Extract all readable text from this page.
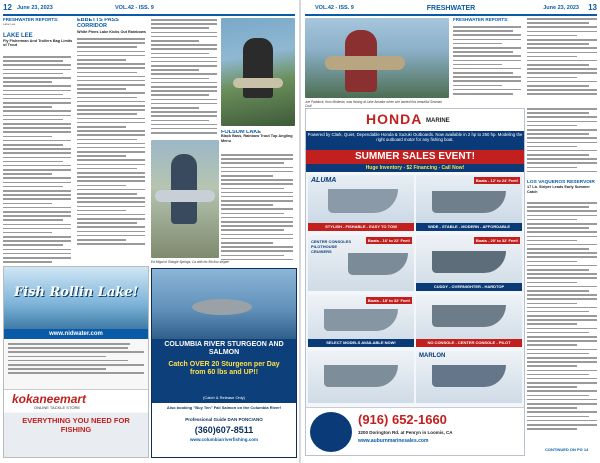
12 June 23, 2023	VOL.42 - ISS. 9
FRESHWATER REPORTS:
Lake Lee
LAKE LEE
Fly Fisherman And Trollers Bag Limits of Trout
EBBETTS PASS CORRIDOR
White Pines Lake Kicks Out Rainbows
FOLSOM LAKE
Black Bass, Rainbow Trout Top Angling Menu
Ed Migal of Shingle Springs, Ca with his 5lb 6oz striper!
Fish Rollin Lake!
www.nidwater.com
kokaneemart
ONLINE TACKLE STORE
EVERYTHING YOU NEED FOR FISHING
COLUMBIA RIVER STURGEON AND SALMON
Catch OVER 20 Sturgeon per Day from 60 lbs and UP!!
(Catch & Release Only)
Also booking "Buy Ten" Fall Salmon on the Columbia River!
Professional Guide DAN PONCIANO
(360)607-8511
www.columbiarriverfishing.com
VOL.42 - ISS. 9	FRESHWATER	June 23, 2023 13
Joe Paddock, from Modesto, was fishing at Lake Amador when she landed this beautiful Seaman Cod!
FRESHWATER REPORTS:
HONDA MARINE
Powered by Clark, Quiet, Dependable Honda & Suzuki Outboards. Now available in 2 hp to 250 hp. Modeling the right outboard motor for any fishing boat.
SUMMER SALES EVENT!
Huge Inventory - $2 Financing - Call Now!
ALUMA
STYLISH - FISHABLE - EASY TO TOW
Boats - 12' to 24' Feet!
WIDE - STABLE - MODERN - AFFORDABLE
CENTER CONSOLES PILOTHOUSE CRUISERS
Boats - 16' to 22' Feet!	Boats - 20' to 32' Feet!
CUDDY - OVERNIGHTER - HARDTOP
Boats - 18' to 32' Feet!
SELECT MODELS AVAILABLE NOW!	NO CONSOLE - CENTER CONSOLE - PILOT
MARLON
(916) 652-1660
3200 Dorington Rd. at Penryn in Loomis, CA
www.auburnmarinesales.com
LOS VAQUEROS RESERVOIR
17 Lb. Striper Leads Early Summer Catch
CONTINUED ON PG 14
